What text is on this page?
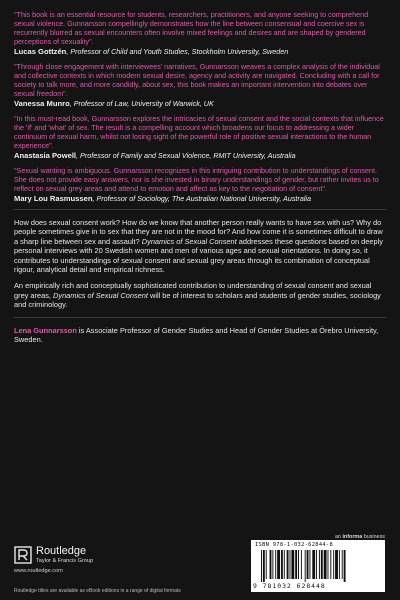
"This book is an essential resource for students, researchers, practitioners, and anyone seeking to comprehend sexual violence. Gunnarsson compellingly demonstrates how the line between consensual and coercive sex is recurrently blurred as sexual encounters often involve mixed feelings and desires and are shaped by gendered perceptions of sexuality".

Lucas Gottzén, Professor of Child and Youth Studies, Stockholm University, Sweden

"Through close engagement with interviewees' narratives, Gunnarsson weaves a complex analysis of the individual and collective contexts in which modern sexual desire, agency and activity are navigated. Concluding with a call for society to talk more, and more candidly, about sex, this book makes an important intervention into debates over sexual freedom".

Vanessa Munro, Professor of Law, University of Warwick, UK

"In this must-read book, Gunnarsson explores the intricacies of sexual consent and the social contexts that influence the 'if' and 'what' of sex. The result is a compelling account which broadens our focus to addressing a wider continuum of sexual harm, whilst not losing sight of the powerful role of positive sexual interactions to the human experience".

Anastasia Powell, Professor of Family and Sexual Violence, RMIT University, Australia

"Sexual wanting is ambiguous. Gunnarsson recognizes in this intriguing contribution to understandings of consent. She does not provide easy answers, nor is she invested in binary understandings of gender, but rather invites us to reflect on sexual grey areas and attend to emotion and affect as key to the negotiation of consent".

Mary Lou Rasmussen, Professor of Sociology, The Australian National University, Australia

How does sexual consent work? How do we know that another person really wants to have sex with us? Why do people sometimes give in to sex that they are not in the mood for? And how come it is sometimes difficult to draw a sharp line between sex and assault? Dynamics of Sexual Consent addresses these questions based on deeply personal interviews with 20 Swedish women and men of various ages and sexual orientations. In doing so, it contributes to understandings of sexual consent and sexual grey areas through its combination of conceptual rigour, analytical detail and empirical richness.

An empirically rich and conceptually sophisticated contribution to understanding of sexual consent and sexual grey areas, Dynamics of Sexual Consent will be of interest to scholars and students of gender studies, sociology and criminology.

Lena Gunnarsson is Associate Professor of Gender Studies and Head of Gender Studies at Örebro University, Sweden.

Routledge
Taylor & Francis Group
www.routledge.com
Routledge titles are available as eBook editions in a range of digital formats
an informa business
ISBN 978-1-032-62844-8
9 781032 628448
